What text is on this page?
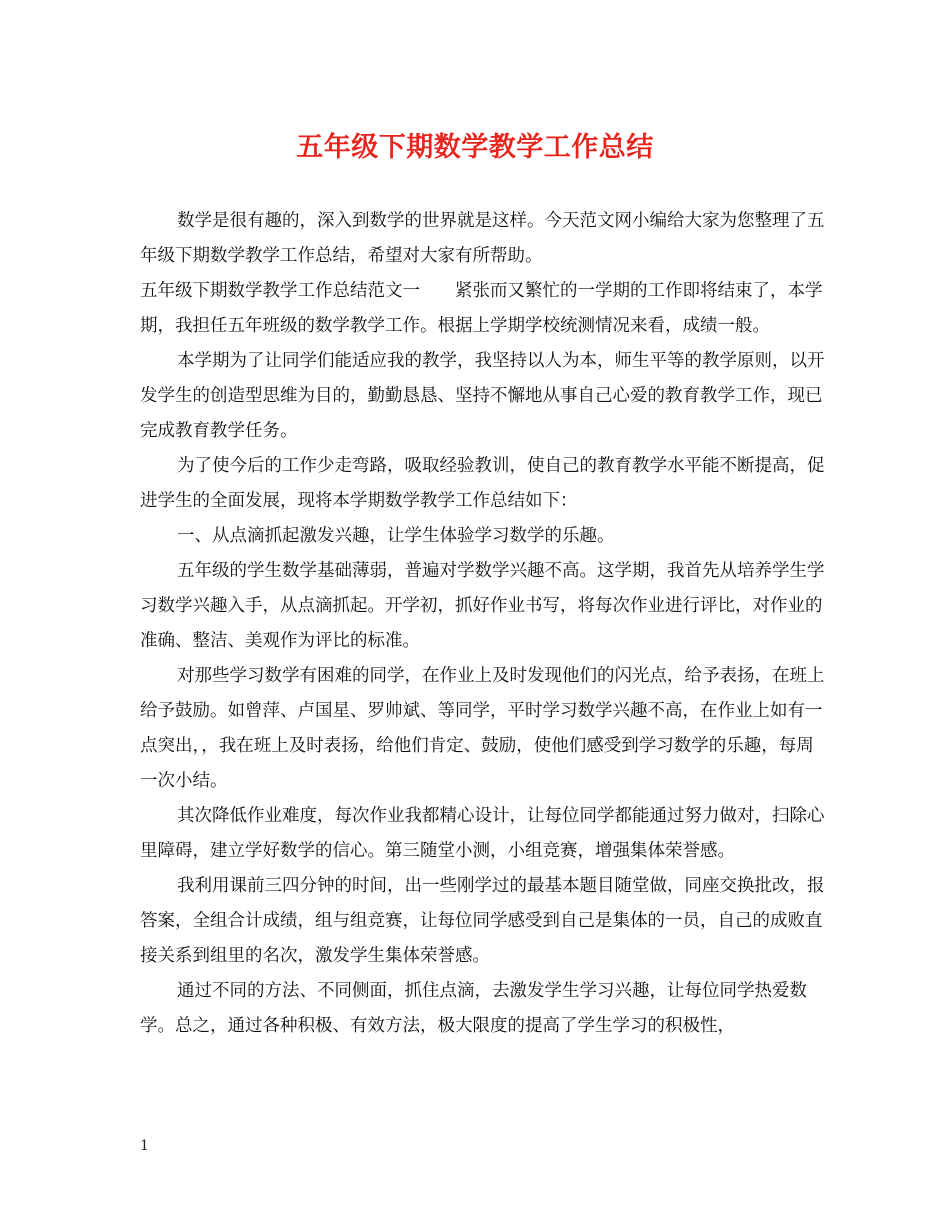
五年级下期数学教学工作总结

数学是很有趣的，深入到数学的世界就是这样。今天范文网小编给大家为您整理了五年级下期数学教学工作总结，希望对大家有所帮助。

五年级下期数学教学工作总结范文一　　紧张而又繁忙的一学期的工作即将结束了，本学期，我担任五年班级的数学教学工作。根据上学期学校统测情况来看，成绩一般。

本学期为了让同学们能适应我的教学，我坚持以人为本，师生平等的教学原则，以开发学生的创造型思维为目的，勤勤恳恳、坚持不懈地从事自己心爱的教育教学工作，现已完成教育教学任务。

为了使今后的工作少走弯路，吸取经验教训，使自己的教育教学水平能不断提高，促进学生的全面发展，现将本学期数学教学工作总结如下：

一、从点滴抓起激发兴趣，让学生体验学习数学的乐趣。

五年级的学生数学基础薄弱，普遍对学数学兴趣不高。这学期，我首先从培养学生学习数学兴趣入手，从点滴抓起。开学初，抓好作业书写，将每次作业进行评比，对作业的准确、整洁、美观作为评比的标准。

对那些学习数学有困难的同学，在作业上及时发现他们的闪光点，给予表扬，在班上给予鼓励。如曾萍、卢国星、罗帅斌、等同学，平时学习数学兴趣不高，在作业上如有一点突出，，我在班上及时表扬，给他们肯定、鼓励，使他们感受到学习数学的乐趣，每周一次小结。

其次降低作业难度，每次作业我都精心设计，让每位同学都能通过努力做对，扫除心里障碍，建立学好数学的信心。第三随堂小测，小组竞赛，增强集体荣誉感。

我利用课前三四分钟的时间，出一些刚学过的最基本题目随堂做，同座交换批改，报答案，全组合计成绩，组与组竞赛，让每位同学感受到自己是集体的一员，自己的成败直接关系到组里的名次，激发学生集体荣誉感。

通过不同的方法、不同侧面，抓住点滴，去激发学生学习兴趣，让每位同学热爱数学。总之，通过各种积极、有效方法，极大限度的提高了学生学习的积极性，

1
